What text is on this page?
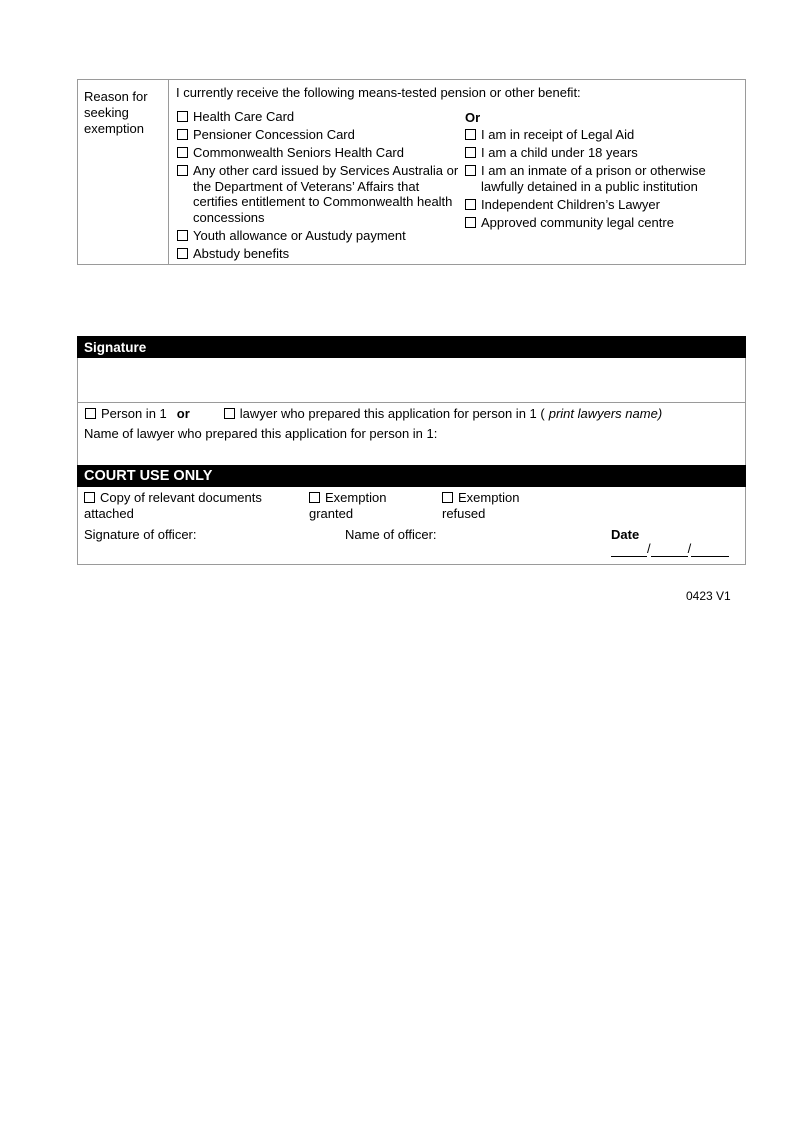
Reason for seeking exemption
I currently receive the following means-tested pension or other benefit:
Health Care Card
Pensioner Concession Card
Commonwealth Seniors Health Card
Any other card issued by Services Australia or the Department of Veterans’ Affairs that certifies entitlement to Commonwealth health concessions
Youth allowance or Austudy payment
Abstudy benefits
Or
I am in receipt of Legal Aid
I am a child under 18 years
I am an inmate of a prison or otherwise lawfully detained in a public institution
Independent Children’s Lawyer
Approved community legal centre
Signature
Person in 1 or	lawyer who prepared this application for person in 1 ( print lawyers name)
Name of lawyer who prepared this application for person in 1:
COURT USE ONLY
Copy of relevant documents attached
Exemption granted
Exemption refused
Signature of officer:	Name of officer:	Date
/	/
0423 V1
